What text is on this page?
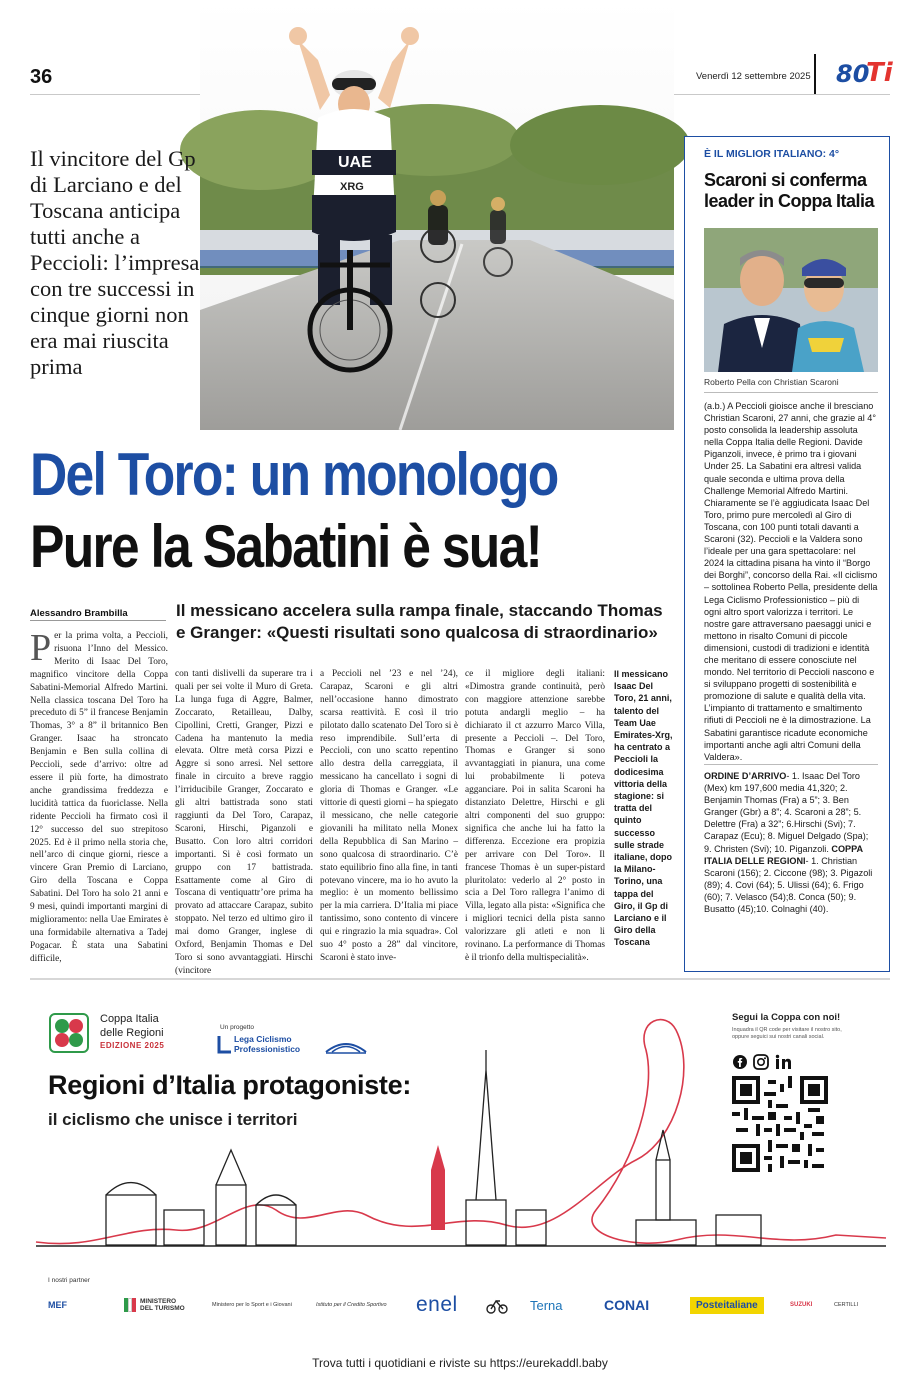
36	Venerdì 12 settembre 2025 80
Ti
UAE
XRG
Il vincitore del Gp di Larciano e del Toscana anticipa tutti anche a Peccioli: l’impresa con tre successi in cinque giorni non era mai riuscita prima
Del Toro: un monologo
Pure la Sabatini è sua!
Alessandro Brambilla	Il messicano accelera sulla rampa finale, staccando Thomas e Granger: «Questi risultati sono qualcosa di straordinario»
Per la prima volta, a Peccioli, risuona l’Inno del Messico. Merito di Isaac Del Toro, magnifico vincitore della Coppa Sabatini-Memorial Alfredo Martini. Nella classica toscana Del Toro ha preceduto di 5” il francese Benjamin Thomas, 3° a 8” il britannico Ben Granger. Isaac ha stroncato Benjamin e Ben sulla collina di Peccioli, sede d’arrivo: oltre ad essere il più forte, ha dimostrato anche grandissima freddezza e lucidità tattica da fuoriclasse. Nella ridente Peccioli ha firmato così il 12° successo del suo strepitoso 2025. Ed è il primo nella storia che, nell’arco di cinque giorni, riesce a vincere Gran Premio di Larciano, Giro della Toscana e Coppa Sabatini. Del Toro ha solo 21 anni e 9 mesi, quindi importanti margini di miglioramento: nella Uae Emirates è una formidabile alternativa a Tadej Pogacar. È stata una Sabatini difficile,
con tanti dislivelli da superare tra i quali per sei volte il Muro di Greta. La lunga fuga di Aggre, Balmer, Zoccarato, Retailleau, Dalby, Cipollini, Cretti, Granger, Pizzi e Cadena ha mantenuto la media elevata. Oltre metà corsa Pizzi e Aggre si sono arresi. Nel settore finale in circuito a breve raggio l’irriducibile Granger, Zoccarato e gli altri battistrada sono stati raggiunti da Del Toro, Carapaz, Scaroni, Hirschi, Piganzoli e Busatto. Con loro altri corridori importanti. Si è così formato un gruppo con 17 battistrada. Esattamente come al Giro di Toscana di ventiquattr’ore prima ha provato ad attaccare Carapaz, subito stoppato. Nel terzo ed ultimo giro il mai domo Granger, inglese di Oxford, Benjamin Thomas e Del Toro si sono avvantaggiati. Hirschi (vincitore
a Peccioli nel ’23 e nel ’24), Carapaz, Scaroni e gli altri nell’occasione hanno dimostrato scarsa reattività. E così il trio pilotato dallo scatenato Del Toro si è reso imprendibile. Sull’erta di Peccioli, con uno scatto repentino allo destra della carreggiata, il messicano ha cancellato i sogni di gloria di Thomas e Granger. «Le vittorie di questi giorni – ha spiegato il messicano, che nelle categorie giovanili ha militato nella Monex della Repubblica di San Marino – sono qualcosa di straordinario. C’è stato equilibrio fino alla fine, in tanti potevano vincere, ma io ho avuto la meglio: è un momento bellissimo per la mia carriera. D’Italia mi piace tantissimo, sono contento di vincere qui e ringrazio la mia squadra». Col suo 4° posto a 28” dal vincitore, Scaroni è stato inve-
ce il migliore degli italiani: «Dimostra grande continuità, però con maggiore attenzione sarebbe potuta andargli meglio – ha dichiarato il ct azzurro Marco Villa, presente a Peccioli –. Del Toro, Thomas e Granger si sono avvantaggiati in pianura, una come lui probabilmente li poteva agganciare. Poi in salita Scaroni ha distanziato Delettre, Hirschi e gli altri componenti del suo gruppo: significa che anche lui ha fatto la differenza. Eccezione era propizia per arrivare con Del Toro». Il francese Thomas è un super-pistard pluritolato: vederlo al 2° posto in scia a Del Toro rallegra l’animo di Villa, legato alla pista: «Significa che i migliori tecnici della pista sanno valorizzare gli atleti e non li rovinano. La performance di Thomas è il trionfo della multispecialità».
Il messicano Isaac Del Toro, 21 anni, talento del Team Uae Emirates-Xrg, ha centrato a Peccioli la dodicesima vittoria della stagione: si tratta del quinto successo sulle strade italiane, dopo la Milano-Torino, una tappa del Giro, il Gp di Larciano e il Giro della Toscana
È IL MIGLIOR ITALIANO: 4°
Scaroni si conferma leader in Coppa Italia
Roberto Pella con Christian Scaroni
(a.b.) A Peccioli gioisce anche il bresciano Christian Scaroni, 27 anni, che grazie al 4° posto consolida la leadership assoluta nella Coppa Italia delle Regioni. Davide Piganzoli, invece, è primo tra i giovani Under 25. La Sabatini era altresì valida quale seconda e ultima prova della Challenge Memorial Alfredo Martini. Chiaramente se l’è aggiudicata Isaac Del Toro, primo pure mercoledì al Giro di Toscana, con 100 punti totali davanti a Scaroni (32). Peccioli e la Valdera sono l’ideale per una gara spettacolare: nel 2024 la cittadina pisana ha vinto il “Borgo dei Borghi”, concorso della Rai. «Il ciclismo – sottolinea Roberto Pella, presidente della Lega Ciclismo Professionistico – più di ogni altro sport valorizza i territori. Le nostre gare attraversano paesaggi unici e mettono in risalto Comuni di piccole dimensioni, custodi di tradizioni e identità che meritano di essere conosciute nel mondo. Nel territorio di Peccioli nascono e si sviluppano progetti di sostenibilità e promozione di salute e qualità della vita. L’impianto di trattamento e smaltimento rifiuti di Peccioli ne è la dimostrazione. La Sabatini garantisce ricadute economiche importanti anche agli altri Comuni della Valdera».
ORDINE D’ARRIVO- 1. Isaac Del Toro (Mex) km 197,600 media 41,320; 2. Benjamin Thomas (Fra) a 5”; 3. Ben Granger (Gbr) a 8”; 4. Scaroni a 28”; 5. Delettre (Fra) a 32”; 6.Hirschi (Svi); 7. Carapaz (Ecu); 8. Miguel Delgado (Spa); 9. Christen (Svi); 10. Piganzoli. COPPA ITALIA DELLE REGIONI- 1. Christian Scaroni (156); 2. Ciccone (98); 3. Pigazoli (89); 4. Covi (64); 5. Ulissi (64); 6. Frigo (60); 7. Velasco (54);8. Conca (50); 9. Busatto (45);10. Colnaghi (40).
Coppa Italia
delle Regioni
EDIZIONE 2025
Un progetto
Lega Ciclismo
Professionistico
Regioni d’Italia protagoniste:
il ciclismo che unisce i territori
Segui la Coppa con noi!
Inquadra il QR code per visitare il nostro sito, oppure seguici sui nostri canali social.
I nostri partner
MEF	MINISTERO DEL TURISMO	Ministero per lo Sport e i Giovani	Istituto per il Credito Sportivo	enel	Terna	CONAI	Posteitaliane	SUZUKI	CERTILLI
Trova tutti i quotidiani e riviste su https://eurekaddl.baby
